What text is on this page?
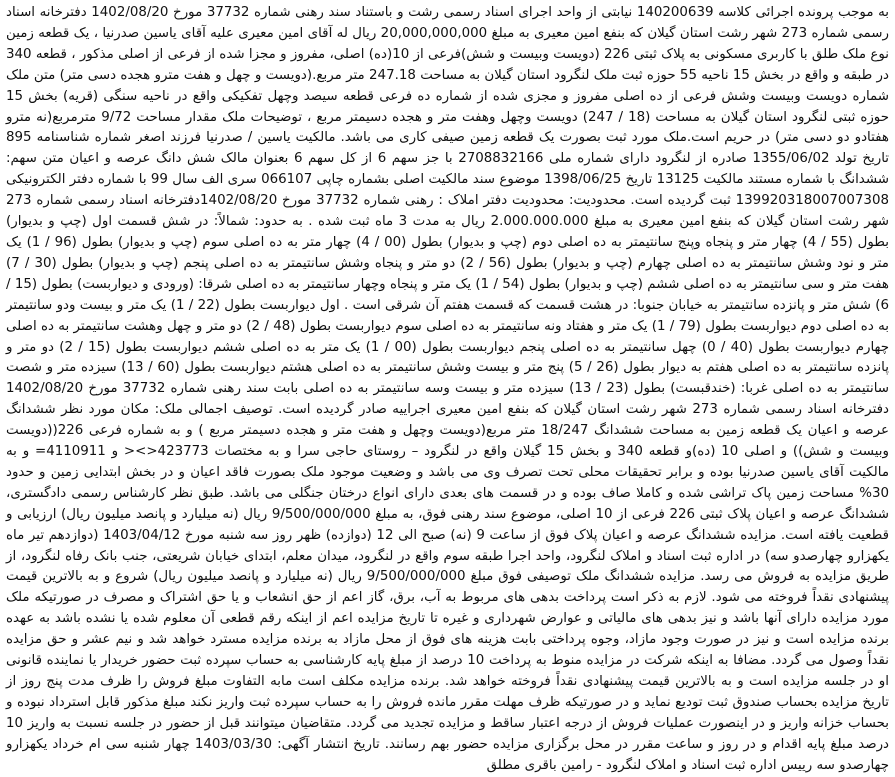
به موجب پرونده اجرائی کلاسه 140200639 نیابتی از واحد اجرای اسناد رسمی رشت و باستناد سند رهنی شماره 37732 مورخ 1402/08/20 دفترخانه اسناد رسمی شماره 273 شهر رشت استان گیلان که بنفع امین معیری به مبلغ 20,000,000,000 ریال له آقای امین معیری علیه آقای یاسین صدرنیا ، یک قطعه زمین نوع ملک طلق با کاربری مسکونی به پلاک ثبتی 226 (دویست وبیست و شش)فرعی از 10(ده) اصلی، مفروز و مجزا شده از فرعی از اصلی مذکور ، قطعه 340 در طبقه و واقع در بخش 15 ناحیه 55 حوزه ثبت ملک لنگرود استان گیلان به مساحت 247.18 متر مربع.(دویست و چهل و هفت مترو هجده دسی متر) متن ملک شماره دویست وبیست وشش فرعی از ده اصلی مفروز و مجزی شده از شماره ده فرعی قطعه سیصد وچهل تفکیکی واقع در ناحیه سنگی (قریه) بخش 15 حوزه ثبتی لنگرود استان گیلان به مساحت (18 / 247) دویست وچهل وهفت متر و هجده دسیمتر مربع ، توضیحات ملک مقدار مساحت 9/72 مترمربع(نه مترو هفتادو دو دسی متر) در حریم است.ملک مورد ثبت بصورت یک قطعه زمین صیفی کاری می باشد. مالکیت یاسین / صدرنیا فرزند اصغر شماره شناسنامه 895 تاریخ تولد 1355/06/02 صادره از لنگرود دارای شماره ملی 2708832166 با جز سهم 6 از کل سهم 6 بعنوان مالک شش دانگ عرصه و اعیان متن سهم: ششدانگ با شماره مستند مالکیت 13125 تاریخ 1398/06/25 موضوع سند مالکیت اصلی بشماره چاپی 066107 سری الف سال 99 با شماره دفتر الکترونیکی 139920318007007308 ثبت گردیده است. محدودیت: محدودیت دفتر املاک : رهنی شماره 37732 مورخ 1402/08/20دفترخانه اسناد رسمی شماره 273 شهر رشت استان گیلان که بنفع امین معیری به مبلغ 2.000.000.000 ریال به مدت 3 ماه ثبت شده . به حدود: شمالاً: در شش قسمت اول (چپ و بدیوار) بطول (55 / 4) چهار متر و پنجاه وپنج سانتیمتر به ده اصلی دوم (چپ و بدیوار) بطول (00 / 4) چهار متر به ده اصلی سوم (چپ و بدیوار) بطول (96 / 1) یک متر و نود وشش سانتیمتر به ده اصلی چهارم (چپ و بدیوار) بطول (56 / 2) دو متر و پنجاه وشش سانتیمتر به ده اصلی پنجم (چپ و بدیوار) بطول (30 / 7) هفت متر و سی سانتیمتر به ده اصلی ششم (چپ و بدیوار) بطول (54 / 1) یک متر و پنجاه وچهار سانتیمتر به ده اصلی شرقا: (ورودی و دیواربست) بطول (15 / 6) شش متر و پانزده سانتیمتر به خیابان جنوبا: در هشت قسمت که قسمت هفتم آن شرقی است . اول دیواربست بطول (22 / 1) یک متر و بیست ودو سانتیمتر به ده اصلی دوم دیواربست بطول (79 / 1) یک متر و هفتاد ونه سانتیمتر به ده اصلی سوم دیواربست بطول (48 / 2) دو متر و چهل وهشت سانتیمتر به ده اصلی چهارم دیواربست بطول (40 / 0) چهل سانتیمتر به ده اصلی پنجم دیواربست بطول (00 / 1) یک متر به ده اصلی ششم دیواربست بطول (15 / 2) دو متر و پانزده سانتیمتر به ده اصلی هفتم به دیوار بطول (26 / 5) پنج متر و بیست وشش سانتیمتر به ده اصلی هشتم دیواربست بطول (60 / 13) سیزده متر و شصت سانتیمتر به ده اصلی غربا: (خندقبست) بطول (23 / 13) سیزده متر و بیست وسه سانتیمتر به ده اصلی بابت سند رهنی شماره 37732 مورخ 1402/08/20 دفترخانه اسناد رسمی شماره 273 شهر رشت استان گیلان که بنفع امین معیری اجراییه صادر گردیده است. توصیف اجمالی ملک: مکان مورد نظر ششدانگ عرصه و اعیان یک قطعه زمین به مساحت ششدانگ 18/247 متر مربع(دویست وچهل و هفت متر و هجده دسیمتر مربع ) و به شماره فرعی 226((دویست وبیست و شش)) و اصلی 10 (ده)و قطعه 340 و بخش 15 گیلان واقع در لنگرود – روستای حاجی سرا و به مختصات 423773<>< و 4110911= و به مالکیت آقای یاسین صدرنیا بوده و برابر تحقیقات محلی تحت تصرف وی می باشد و وضعیت موجود ملک بصورت فاقد اعیان و در بخش ابتدایی زمین و حدود 30% مساحت زمین پاک تراشی شده و کاملا صاف بوده و در قسمت های بعدی دارای انواع درختان جنگلی می باشد. طبق نظر کارشناس رسمی دادگستری، ششدانگ عرصه و اعیان پلاک ثبتی 226 فرعی از 10 اصلی، موضوع سند رهنی فوق، به مبلغ 9/500/000/000 ریال (نه میلیارد و پانصد میلیون ریال) ارزیابی و قطعیت یافته است. مزایده ششدانگ عرصه و اعیان پلاک فوق از ساعت 9 (نه) صبح الی 12 (دوازده) ظهر روز سه شنبه مورخ 1403/04/12 (دوازدهم تیر ماه یکهزارو چهارصدو سه) در اداره ثبت اسناد و املاک لنگرود، واحد اجرا طبقه سوم واقع در لنگرود، میدان معلم، ابتدای خیابان شریعتی، جنب بانک رفاه لنگرود، از طریق مزایده به فروش می رسد. مزایده ششدانگ ملک توصیفی فوق مبلغ 9/500/000/000 ریال (نه میلیارد و پانصد میلیون ریال) شروع و به بالاترین قیمت پیشنهادی نقداً فروخته می شود. لازم به ذکر است پرداخت بدهی های مربوط به آب، برق، گاز اعم از حق انشعاب و یا حق اشتراک و مصرف در صورتیکه ملک مورد مزایده دارای آنها باشد و نیز بدهی های مالیاتی و عوارض شهرداری و غیره تا تاریخ مزایده اعم از اینکه رقم قطعی آن معلوم شده یا نشده باشد به عهده برنده مزایده است و نیز در صورت وجود مازاد، وجوه پرداختی بابت هزینه های فوق از محل مازاد به برنده مزایده مسترد خواهد شد و نیم عشر و حق مزایده نقداً وصول می گردد. مضافا به اینکه شرکت در مزایده منوط به پرداخت 10 درصد از مبلغ پایه کارشناسی به حساب سپرده ثبت حضور خریدار یا نماینده قانونی او در جلسه مزایده است و به بالاترین قیمت پیشنهادی نقداً فروخته خواهد شد. برنده مزایده مکلف است مابه التفاوت مبلغ فروش را ظرف مدت پنج روز از تاریخ مزایده بحساب صندوق ثبت تودیع نماید و در صورتیکه ظرف مهلت مقرر مانده فروش را به حساب سپرده ثبت واریز نکند مبلغ مذکور قابل استرداد نبوده و بحساب خزانه واریز و در اینصورت عملیات فروش از درجه اعتبار ساقط و مزایده تجدید می گردد. متقاضیان میتوانند قبل از حضور در جلسه نسبت به واریز 10 درصد مبلغ پایه اقدام و در روز و ساعت مقرر در محل برگزاری مزایده حضور بهم رسانند. تاریخ انتشار آگهی: 1403/03/30 چهار شنبه سی ام خرداد یکهزارو چهارصدو سه رییس اداره ثبت اسناد و املاک لنگرود - رامین باقری مطلق
